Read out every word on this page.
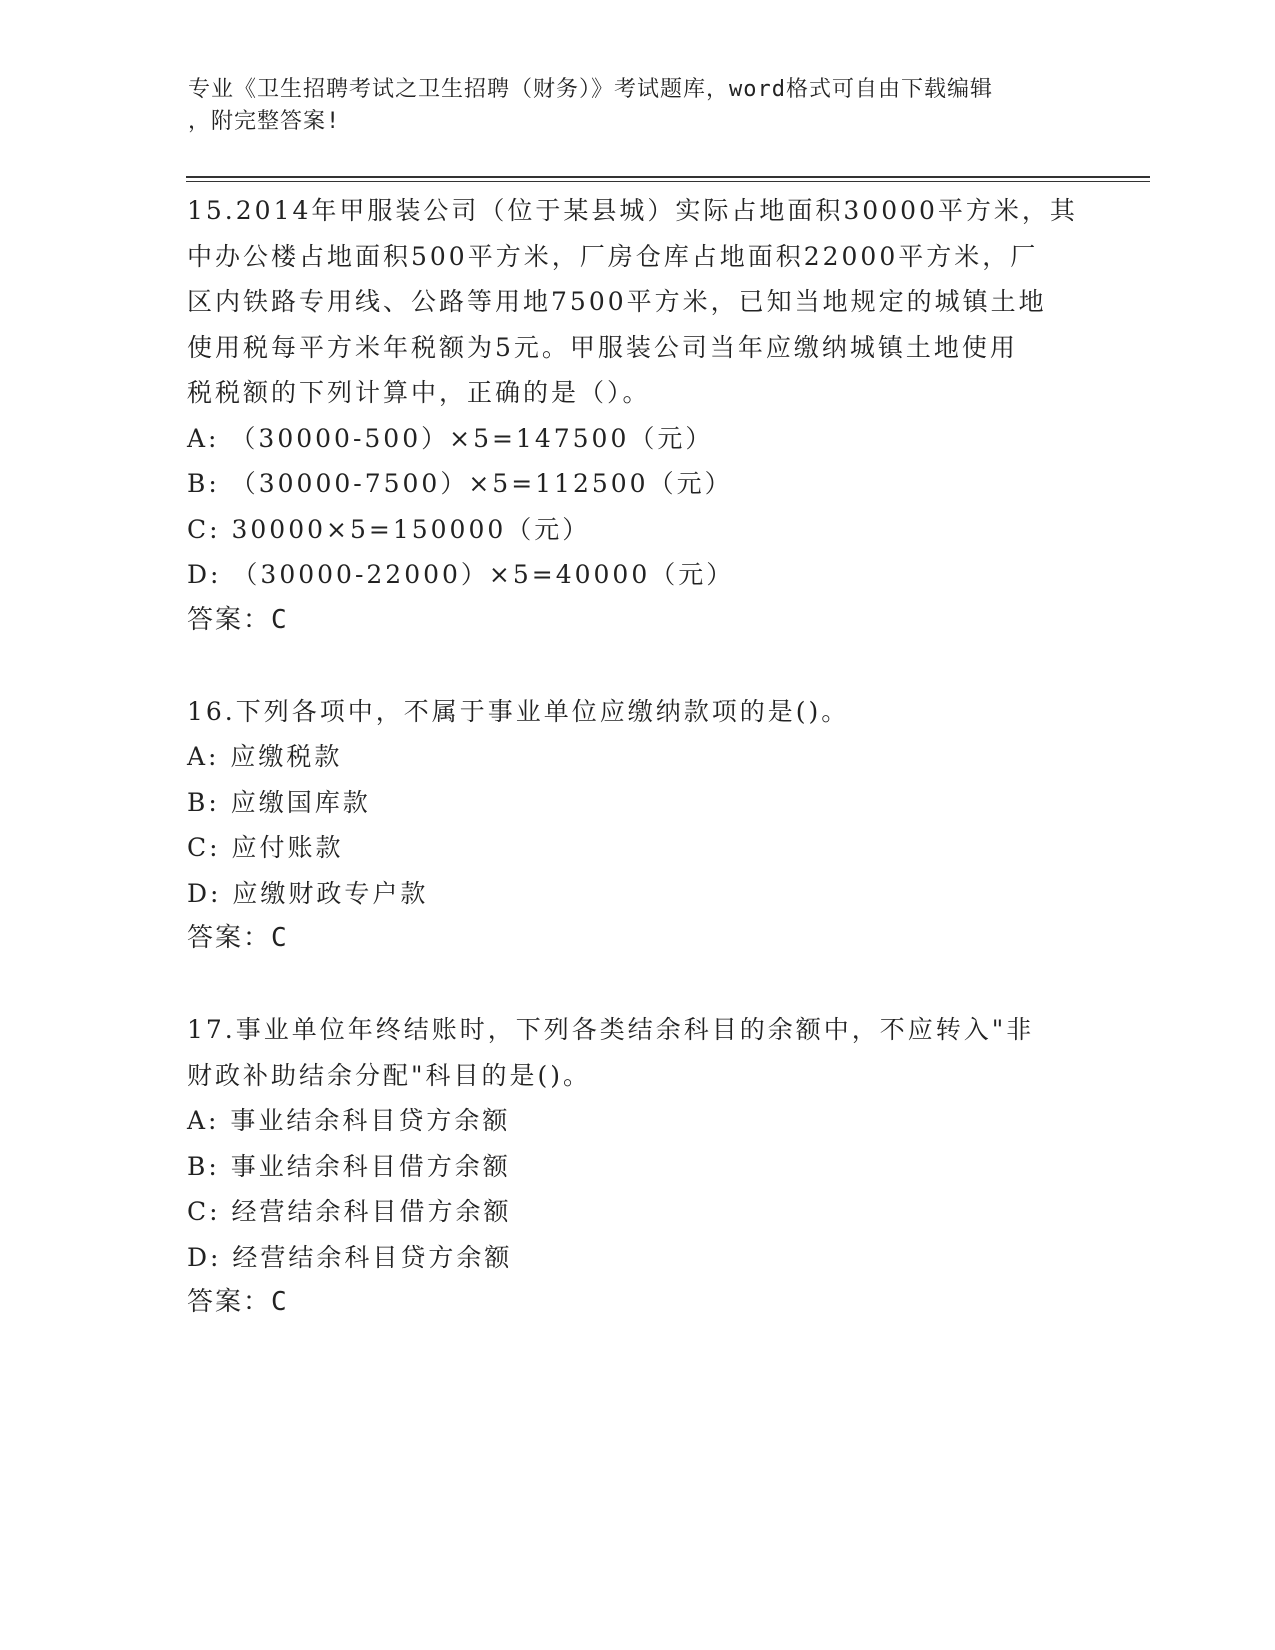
专业《卫生招聘考试之卫生招聘（财务）》考试题库，word格式可自由下载编辑
，附完整答案!
15.2014年甲服装公司（位于某县城）实际占地面积30000平方米，其
中办公楼占地面积500平方米，厂房仓库占地面积22000平方米，厂
区内铁路专用线、公路等用地7500平方米，已知当地规定的城镇土地
使用税每平方米年税额为5元。甲服装公司当年应缴纳城镇土地使用
税税额的下列计算中，正确的是（）。
A: （30000-500）×5=147500（元）
B: （30000-7500）×5=112500（元）
C: 30000×5=150000（元）
D: （30000-22000）×5=40000（元）
答案：C
16.下列各项中，不属于事业单位应缴纳款项的是()。
A: 应缴税款
B: 应缴国库款
C: 应付账款
D: 应缴财政专户款
答案：C
17.事业单位年终结账时，下列各类结余科目的余额中，不应转入"非
财政补助结余分配"科目的是()。
A: 事业结余科目贷方余额
B: 事业结余科目借方余额
C: 经营结余科目借方余额
D: 经营结余科目贷方余额
答案：C
